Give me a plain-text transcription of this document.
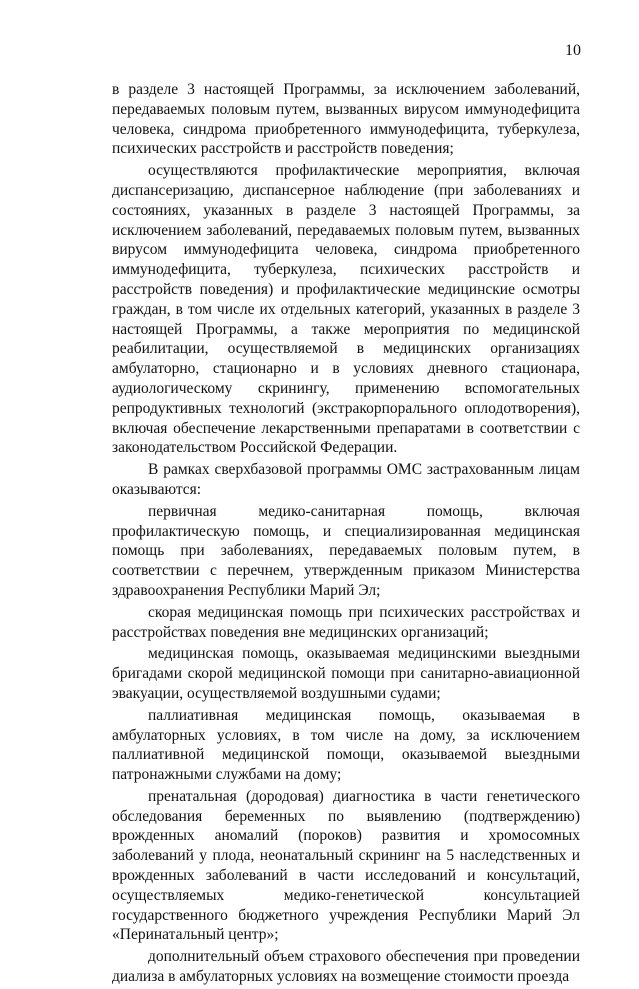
10

в разделе 3 настоящей Программы, за исключением заболеваний, передаваемых половым путем, вызванных вирусом иммунодефицита человека, синдрома приобретенного иммунодефицита, туберкулеза, психических расстройств и расстройств поведения;

осуществляются профилактические мероприятия, включая диспансеризацию, диспансерное наблюдение (при заболеваниях и состояниях, указанных в разделе 3 настоящей Программы, за исключением заболеваний, передаваемых половым путем, вызванных вирусом иммунодефицита человека, синдрома приобретенного иммунодефицита, туберкулеза, психических расстройств и расстройств поведения) и профилактические медицинские осмотры граждан, в том числе их отдельных категорий, указанных в разделе 3 настоящей Программы, а также мероприятия по медицинской реабилитации, осуществляемой в медицинских организациях амбулаторно, стационарно и в условиях дневного стационара, аудиологическому скринингу, применению вспомогательных репродуктивных технологий (экстракорпорального оплодотворения), включая обеспечение лекарственными препаратами в соответствии с законодательством Российской Федерации.

В рамках сверхбазовой программы ОМС застрахованным лицам оказываются:

первичная медико-санитарная помощь, включая профилактическую помощь, и специализированная медицинская помощь при заболеваниях, передаваемых половым путем, в соответствии с перечнем, утвержденным приказом Министерства здравоохранения Республики Марий Эл;

скорая медицинская помощь при психических расстройствах и расстройствах поведения вне медицинских организаций;

медицинская помощь, оказываемая медицинскими выездными бригадами скорой медицинской помощи при санитарно-авиационной эвакуации, осуществляемой воздушными судами;

паллиативная медицинская помощь, оказываемая в амбулаторных условиях, в том числе на дому, за исключением паллиативной медицинской помощи, оказываемой выездными патронажными службами на дому;

пренатальная (дородовая) диагностика в части генетического обследования беременных по выявлению (подтверждению) врожденных аномалий (пороков) развития и хромосомных заболеваний у плода, неонатальный скрининг на 5 наследственных и врожденных заболеваний в части исследований и консультаций, осуществляемых медико-генетической консультацией государственного бюджетного учреждения Республики Марий Эл «Перинатальный центр»;

дополнительный объем страхового обеспечения при проведении диализа в амбулаторных условиях на возмещение стоимости проезда
